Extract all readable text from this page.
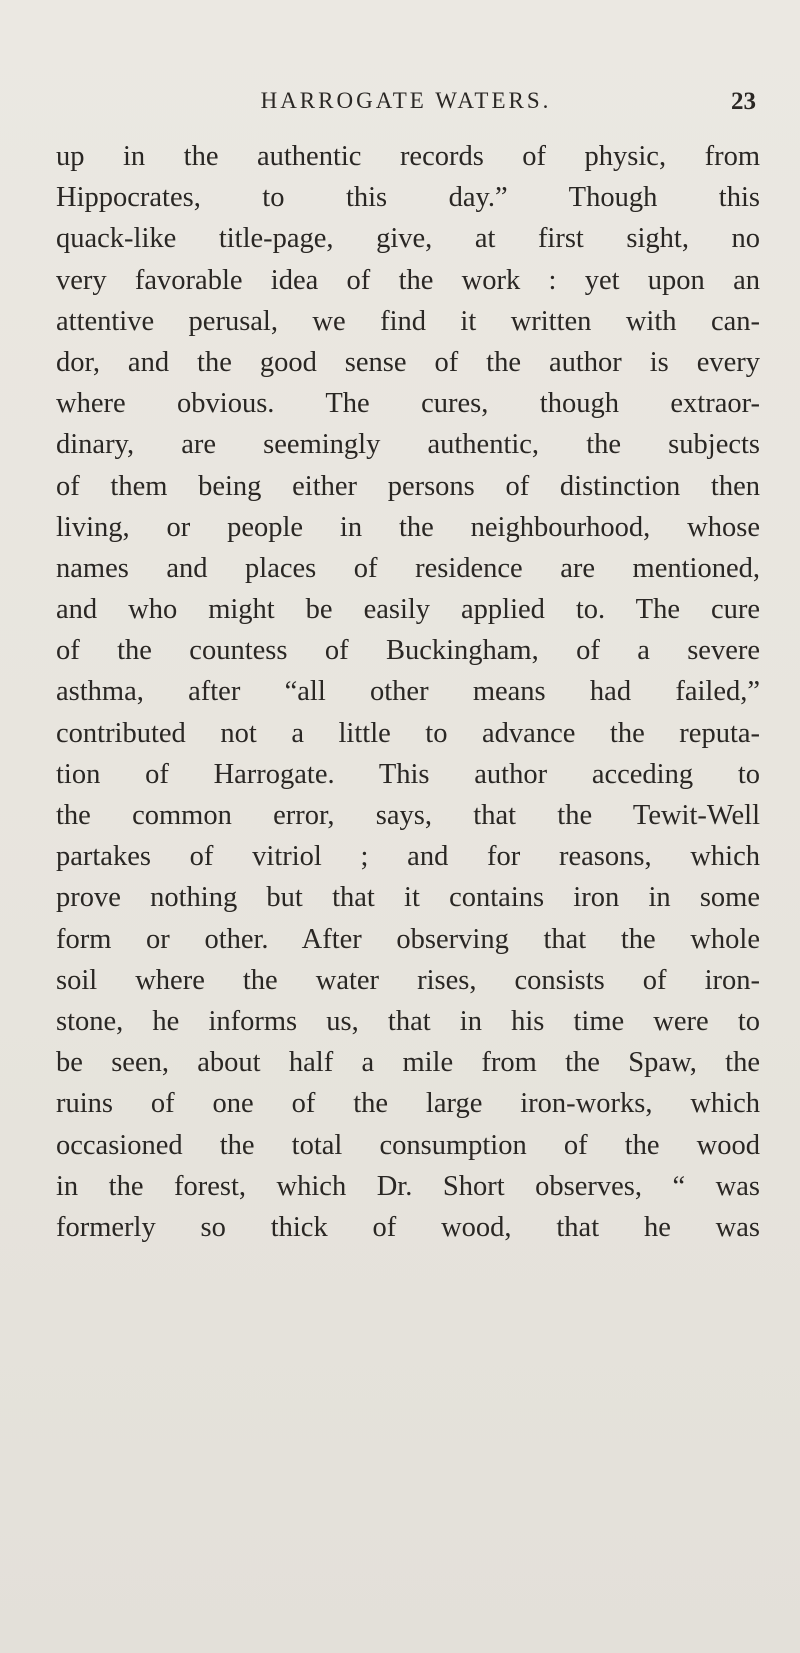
HARROGATE WATERS.	23
up in the authentic records of physic, from
Hippocrates, to this day.” Though this
quack-like title-page, give, at first sight, no
very favorable idea of the work : yet upon an
attentive perusal, we find it written with can-
dor, and the good sense of the author is every
where obvious. The cures, though extraor-
dinary, are seemingly authentic, the subjects
of them being either persons of distinction then
living, or people in the neighbourhood, whose
names and places of residence are mentioned,
and who might be easily applied to. The cure
of the countess of Buckingham, of a severe
asthma, after “all other means had failed,”
contributed not a little to advance the reputa-
tion of Harrogate. This author acceding to
the common error, says, that the Tewit-Well
partakes of vitriol ; and for reasons, which
prove nothing but that it contains iron in some
form or other. After observing that the whole
soil where the water rises, consists of iron-
stone, he informs us, that in his time were to
be seen, about half a mile from the Spaw, the
ruins of one of the large iron-works, which
occasioned the total consumption of the wood
in the forest, which Dr. Short observes, “ was
formerly so thick of wood, that he was
